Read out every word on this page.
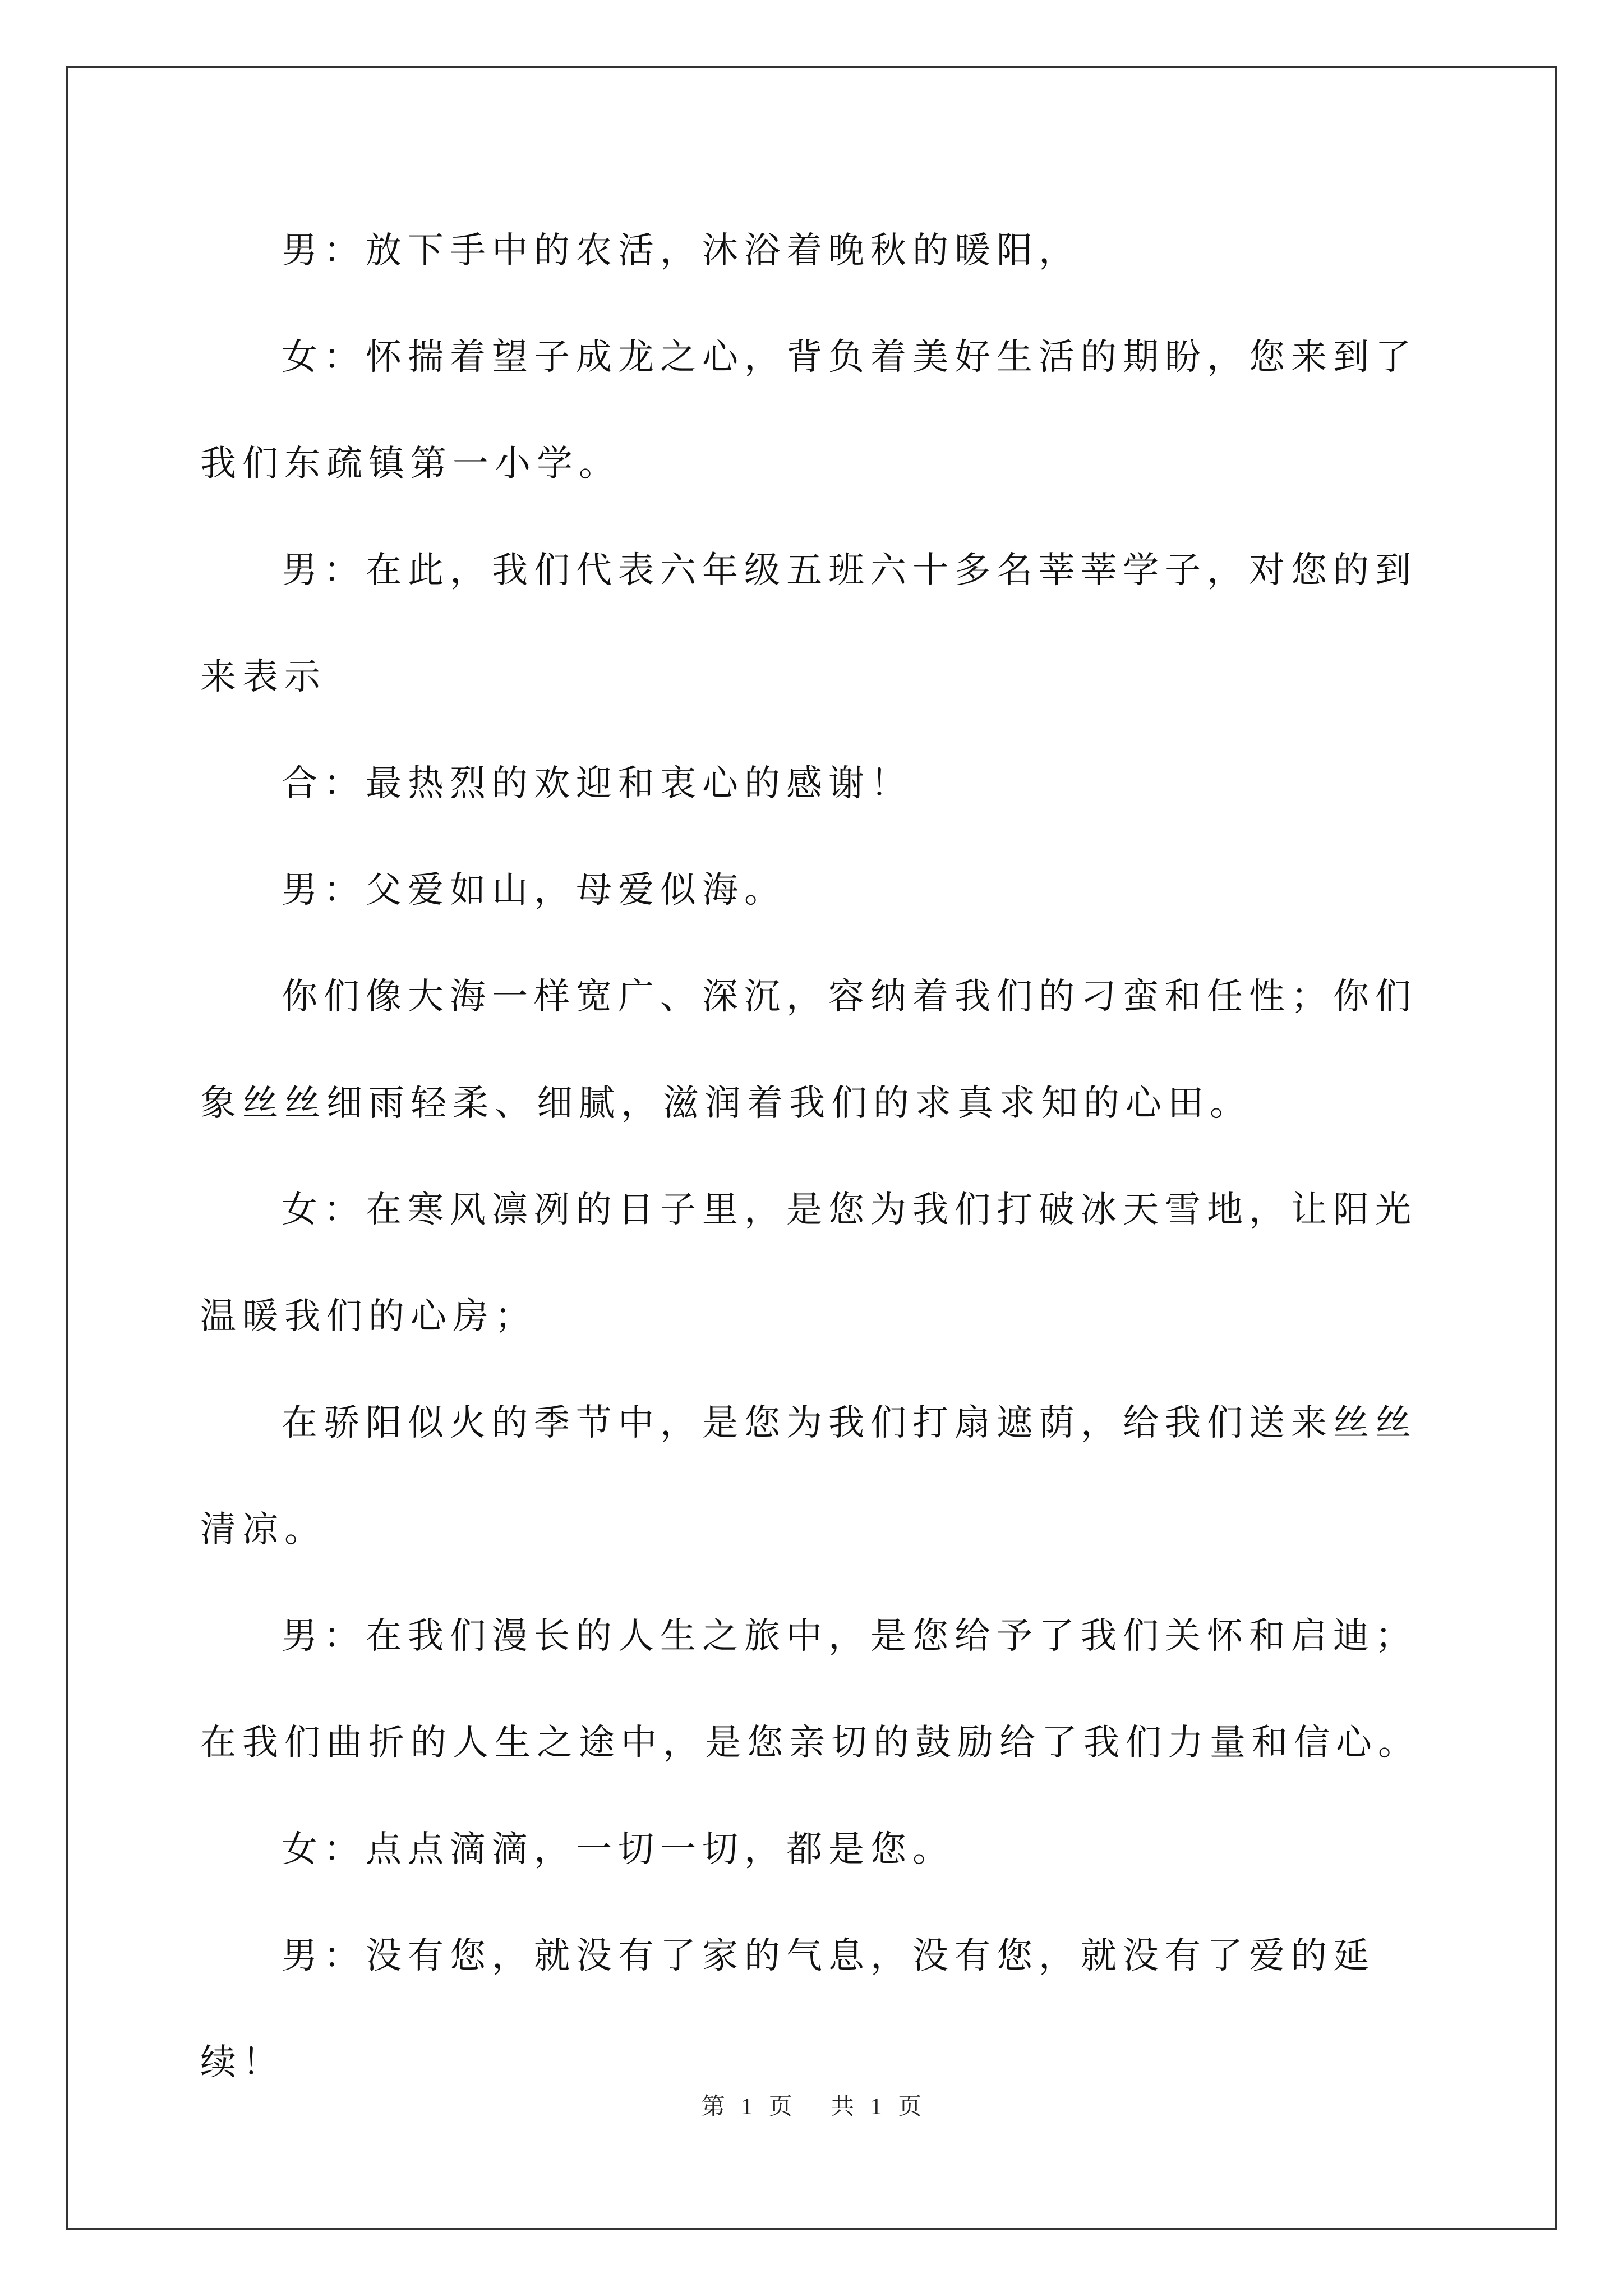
男：放下手中的农活，沐浴着晚秋的暖阳，
女：怀揣着望子成龙之心，背负着美好生活的期盼，您来到了我们东疏镇第一小学。
男：在此，我们代表六年级五班六十多名莘莘学子，对您的到来表示
合：最热烈的欢迎和衷心的感谢！
男：父爱如山，母爱似海。
你们像大海一样宽广、深沉，容纳着我们的刁蛮和任性；你们象丝丝细雨轻柔、细腻，滋润着我们的求真求知的心田。
女：在寒风凛冽的日子里，是您为我们打破冰天雪地，让阳光温暖我们的心房；
在骄阳似火的季节中，是您为我们打扇遮荫，给我们送来丝丝清凉。
男：在我们漫长的人生之旅中，是您给予了我们关怀和启迪；在我们曲折的人生之途中，是您亲切的鼓励给了我们力量和信心。
女：点点滴滴，一切一切，都是您。
男：没有您，就没有了家的气息，没有您，就没有了爱的延续！
第 1 页 共 1 页
